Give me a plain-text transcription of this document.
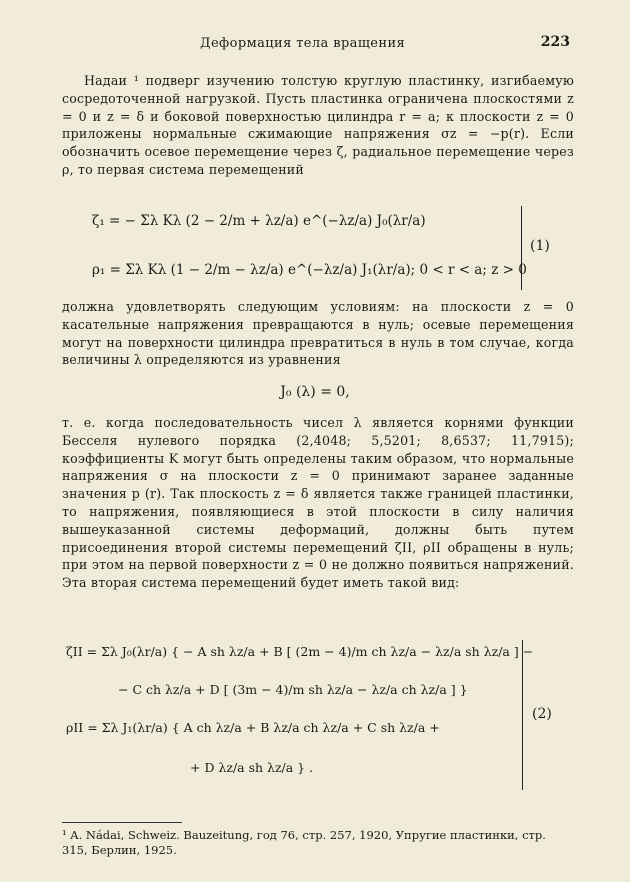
Деформация тела вращения	223

Надаи ¹ подверг изучению толстую круглую пластинку, изгибаемую сосредоточенной нагрузкой. Пусть пластинка ограничена плоскостями z = 0 и z = δ и боковой поверхностью цилиндра r = a; к плоскости z = 0 приложены нормальные сжимающие напряжения σz = −p(r). Если обозначить осевое перемещение через ζ, радиальное перемещение через ρ, то первая система перемещений

ζ₁ = − Σλ Kλ (2 − 2/m + λz/a) e^(−λz/a) J₀(λr/a)
ρ₁ = Σλ Kλ (1 − 2/m − λz/a) e^(−λz/a) J₁(λr/a); 0 < r < a; z > 0
(1)

должна удовлетворять следующим условиям: на плоскости z = 0 касательные напряжения превращаются в нуль; осевые перемещения могут на поверхности цилиндра превратиться в нуль в том случае, когда величины λ определяются из уравнения

J₀ (λ) = 0,

т. е. когда последовательность чисел λ является корнями функции Бесселя нулевого порядка (2,4048; 5,5201; 8,6537; 11,7915); коэффициенты K могут быть определены таким образом, что нормальные напряжения σ на плоскости z = 0 принимают заранее заданные значения p (r). Так плоскость z = δ является также границей пластинки, то напряжения, появляющиеся в этой плоскости в силу наличия вышеуказанной системы деформаций, должны быть путем присоединения второй системы перемещений ζII, ρII обращены в нуль; при этом на первой поверхности z = 0 не должно появиться напряжений. Эта вторая система перемещений будет иметь такой вид:

ζII = Σλ J₀(λr/a) { − A sh λz/a + B [ (2m − 4)/m ch λz/a − λz/a sh λz/a ] −
− C ch λz/a + D [ (3m − 4)/m sh λz/a − λz/a ch λz/a ] }
ρII = Σλ J₁(λr/a) { A ch λz/a + B λz/a ch λz/a + C sh λz/a +
+ D λz/a sh λz/a } .
(2)
¹ A. Nádai, Schweiz. Bauzeitung, год 76, стр. 257, 1920, Упругие пластинки, стр. 315, Берлин, 1925.
